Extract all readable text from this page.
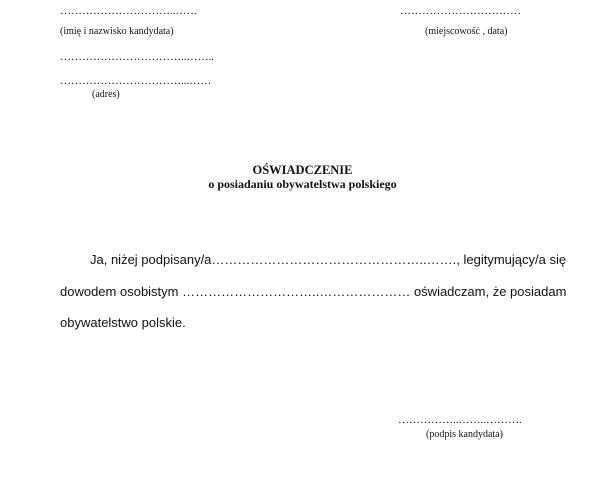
…………………………..……
(imię i nazwisko kandydata)
……………………………
(miejscowość , data)
……………………………..……..
……………………………...……
(adres)
OŚWIADCZENIE
o posiadaniu obywatelstwa polskiego
Ja, niżej podpisany/a…………………………………………..……., legitymujący/a się
dowodem osobistym …………………………..………………… oświadczam, że posiadam
obywatelstwo polskie.
……………..……..……….
(podpis kandydata)
